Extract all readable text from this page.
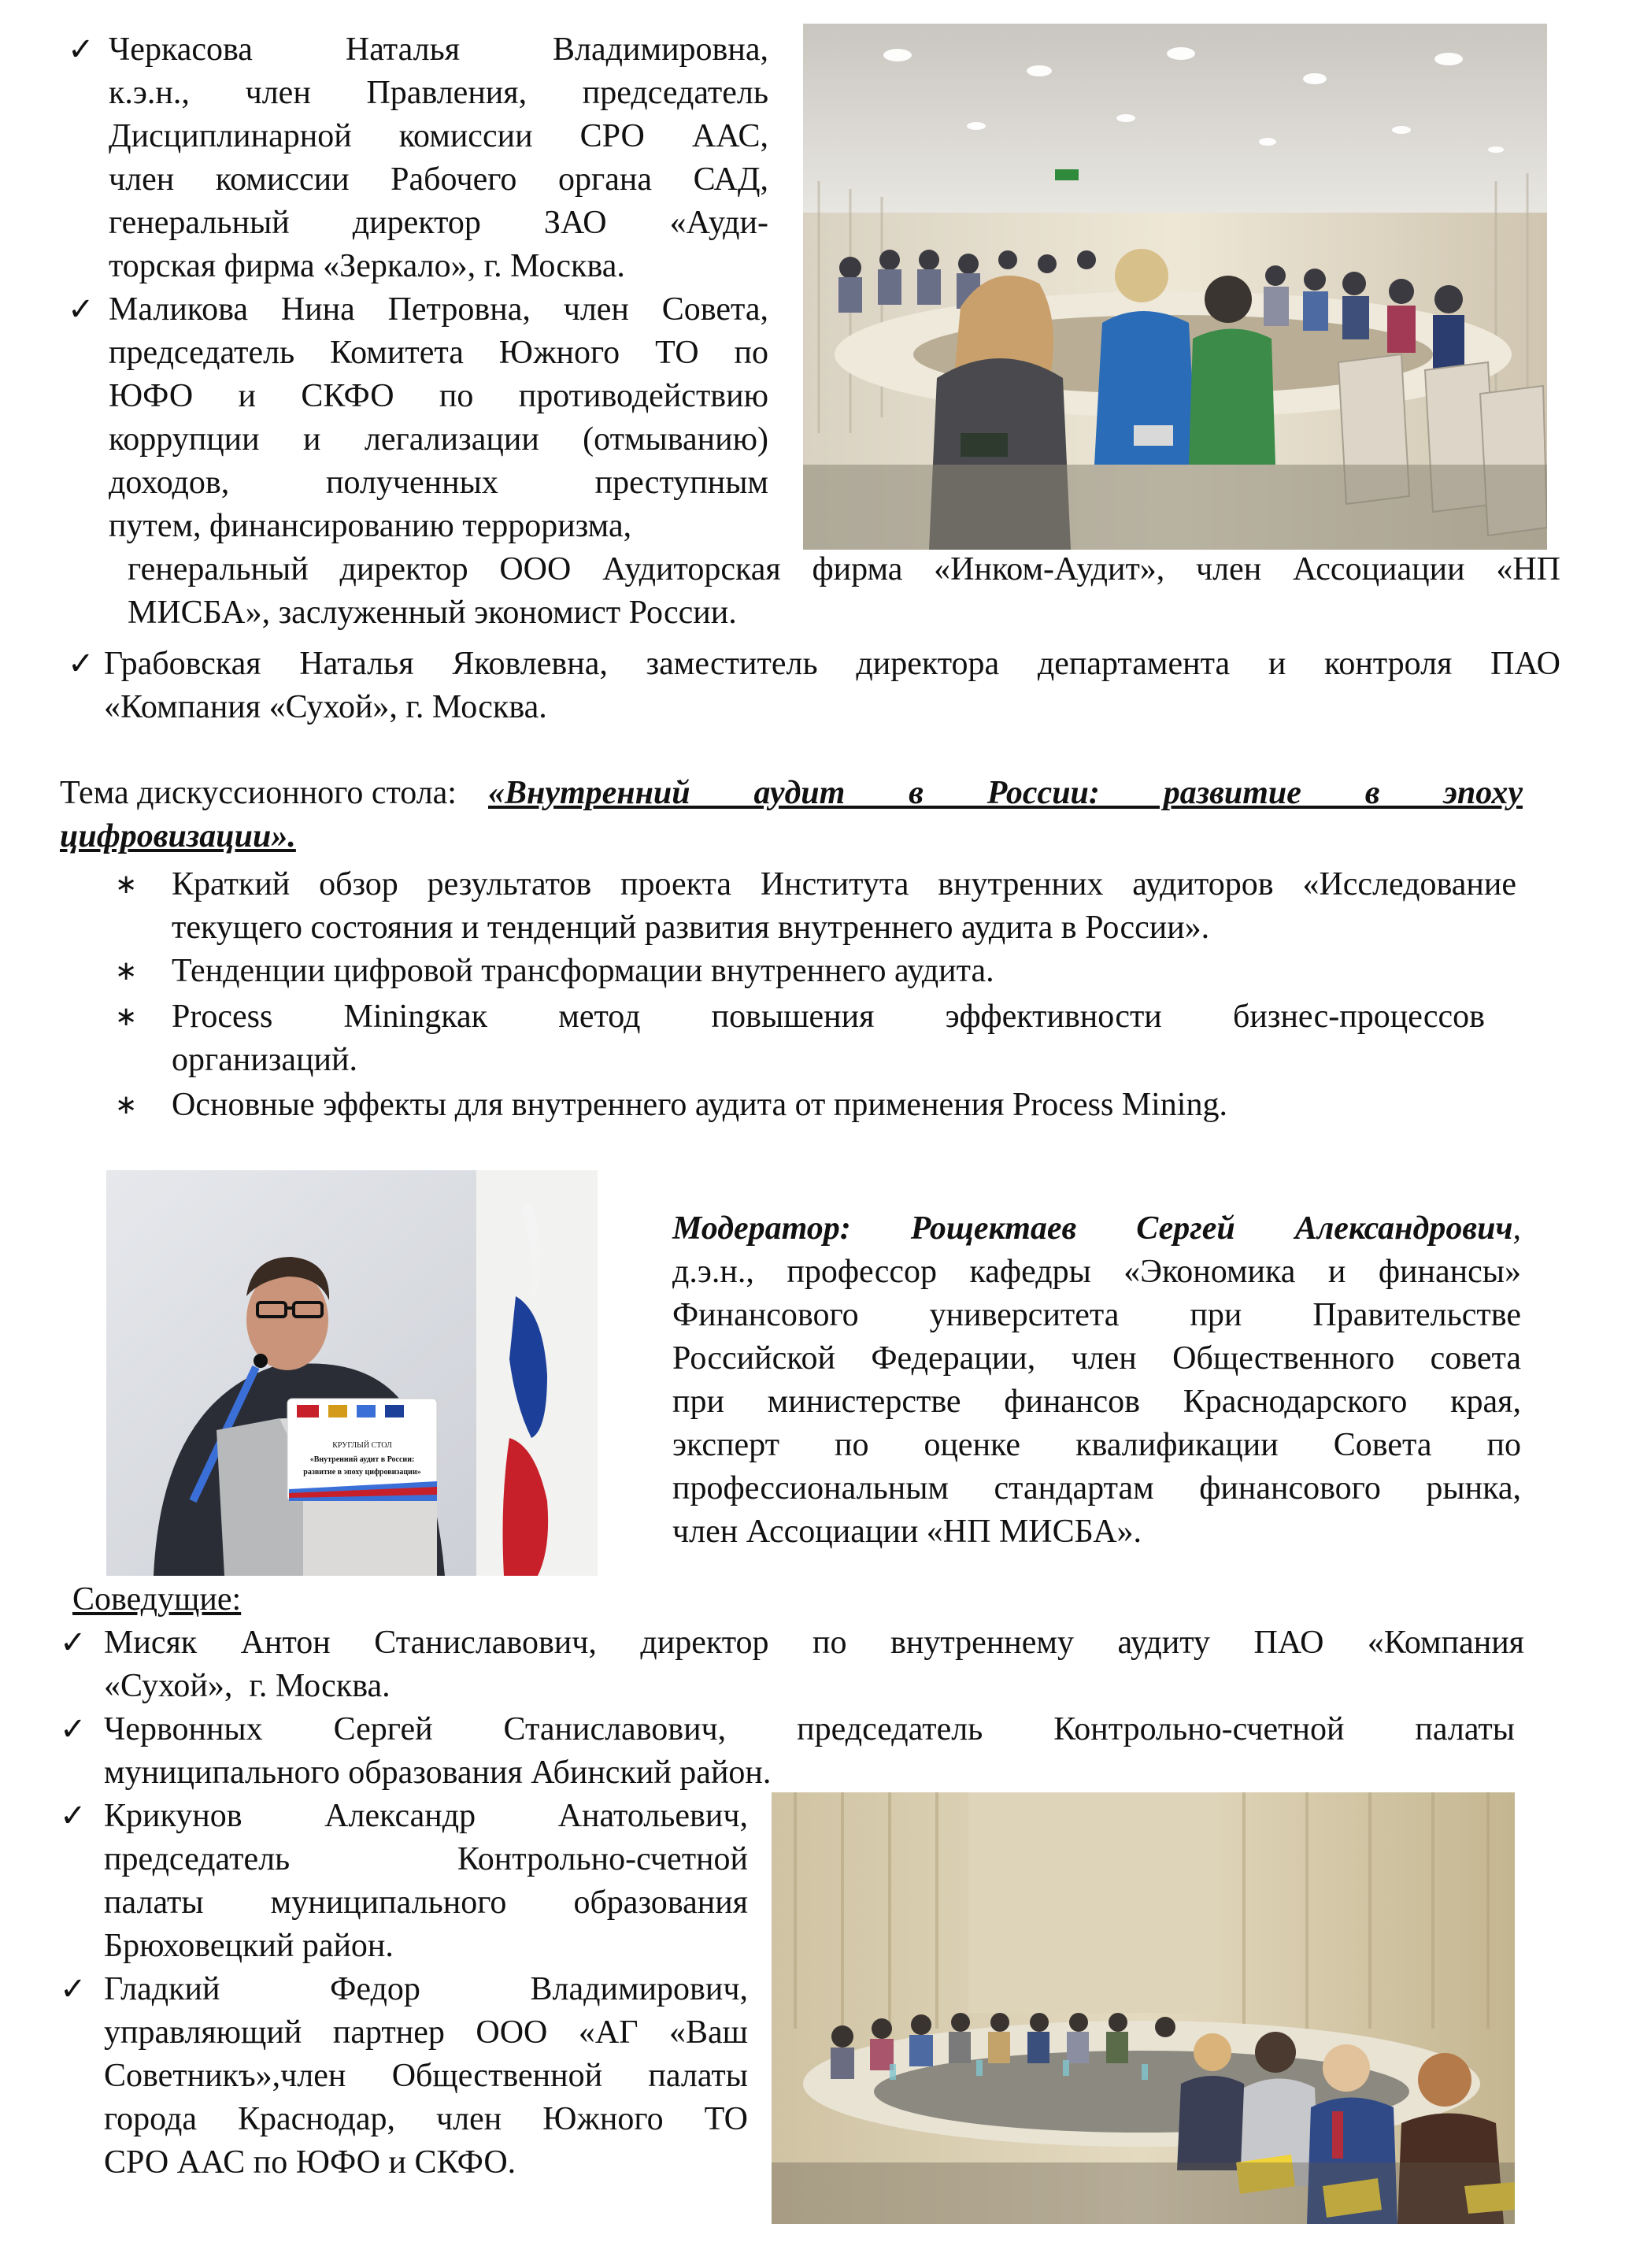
✓ Черкасова Наталья Владимировна,
к.э.н., член Правления, председатель
Дисциплинарной комиссии СРО ААС,
член комиссии Рабочего органа САД,
генеральный директор ЗАО «Ауди-
торская фирма «Зеркало», г. Москва.
✓ Маликова Нина Петровна, член Совета,
председатель Комитета Южного ТО по
ЮФО и СКФО по противодействию
коррупции и легализации (отмыванию)
доходов, полученных преступным
путем, финансированию терроризма,
генеральный директор ООО Аудиторская фирма «Инком-Аудит», член Ассоциации «НП
МИСБА», заслуженный экономист России.
✓ Грабовская Наталья Яковлевна, заместитель директора департамента и контроля ПАО
«Компания «Сухой», г. Москва.
Тема дискуссионного стола: «Внутренний аудит в России: развитие в эпоху
цифровизации».
∗ Краткий обзор результатов проекта Института внутренних аудиторов «Исследование
текущего состояния и тенденций развития внутреннего аудита в России».
∗ Тенденции цифровой трансформации внутреннего аудита.
∗ Process Miningкак метод повышения эффективности бизнес-процессов
организаций.
∗ Основные эффекты для внутреннего аудита от применения Process Mining.
КРУГЛЫЙ СТОЛ
«Внутренний аудит в России:
развитие в эпоху цифровизации»
Модератор: Рощектаев Сергей Александрович,
д.э.н., профессор кафедры «Экономика и финансы»
Финансового университета при Правительстве
Российской Федерации, член Общественного совета
при министерстве финансов Краснодарского края,
эксперт по оценке квалификации Совета по
профессиональным стандартам финансового рынка,
член Ассоциации «НП МИСБА».
Соведущие:
✓ Мисяк Антон Станиславович, директор по внутреннему аудиту ПАО «Компания
«Сухой»,  г. Москва.
✓ Червонных Сергей Станиславович, председатель Контрольно-счетной палаты
муниципального образования Абинский район.
✓ Крикунов Александр Анатольевич,
председатель Контрольно-счетной
палаты муниципального образования
Брюховецкий район.
✓ Гладкий Федор Владимирович,
управляющий партнер ООО «АГ «Ваш
Советникъ»,член Общественной палаты
города Краснодар, член Южного ТО
СРО ААС по ЮФО и СКФО.
